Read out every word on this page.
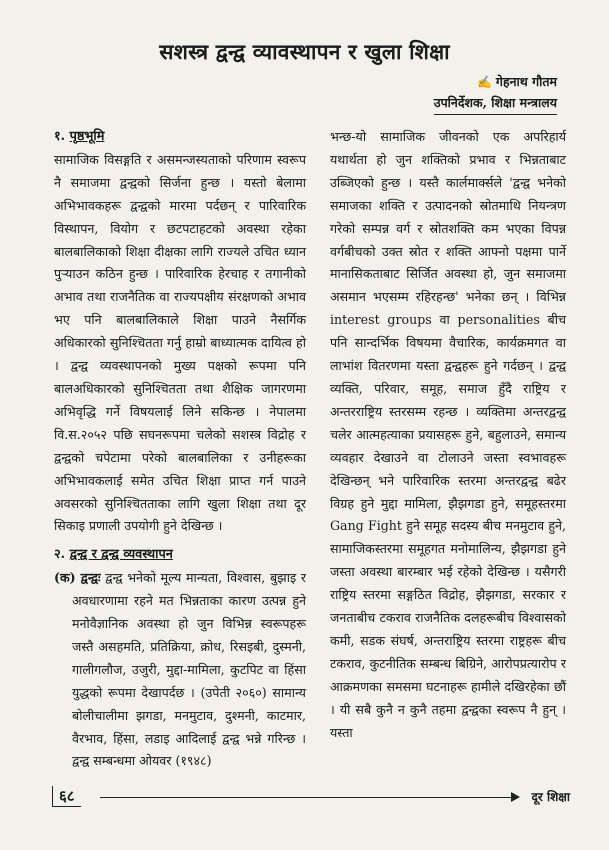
सशस्त्र द्वन्द्व व्यावस्थापन र खुला शिक्षा
✍ गेहनाथ गौतम
उपनिर्देशक, शिक्षा मन्त्रालय

१. पृष्ठभूमि

सामाजिक विसङ्गति र असमन्जस्यताको परिणाम स्वरूप नै समाजमा द्वन्द्वको सिर्जना हुन्छ । यस्तो बेलामा अभिभावकहरू द्वन्द्वको मारमा पर्दछन् र पारिवारिक विस्थापन, वियोग र छटपटाहटको अवस्था रहेका बालबालिकाको शिक्षा दीक्षका लागि राज्यले उचित ध्यान पुऱ्याउन कठिन हुन्छ । पारिवारिक हेरचाह र तगानीको अभाव तथा राजनैतिक वा राज्यपक्षीय संरक्षणको अभाव भए पनि बालबालिकाले शिक्षा पाउने नैसर्गिक अधिकारको सुनिश्चितता गर्नु हाम्रो बाध्यात्मक दायित्व हो । द्वन्द्व व्यवस्थापनको मुख्य पक्षको रूपमा पनि बालअधिकारको सुनिश्चितता तथा शैक्षिक जागरणमा अभिवृद्धि गर्ने विषयलाई लिने सकिन्छ । नेपालमा वि.स.२०५२ पछि सघनरूपमा चलेको सशस्त्र विद्रोह र द्वन्द्वको चपेटामा परेको बालबालिका र उनीहरूका अभिभावकलाई समेत उचित शिक्षा प्राप्त गर्न पाउने अवसरको सुनिश्चितताका लागि खुला शिक्षा तथा दूर सिकाइ प्रणाली उपयोगी हुने देखिन्छ ।

२. द्वन्द्व र द्वन्द्व व्यवस्थापन

(क) द्वन्द्वः द्वन्द्व भनेको मूल्य मान्यता, विश्वास, बुझाइ र अवधारणामा रहने मत भिन्नताका कारण उत्पन्न हुने मनोवैज्ञानिक अवस्था हो जुन विभिन्न स्वरूपहरू जस्तै असहमति, प्रतिक्रिया, क्रोध, रिसइबी, दुस्मनी, गालीगलौज, उजुरी, मुद्दा-मामिला, कुटपिट वा हिंसा युद्धको रूपमा देखापर्दछ । (उपेती २०६०) सामान्य बोलीचालीमा झगडा, मनमुटाव, दुश्मनी, काटमार, वैरभाव, हिंसा, लडाइ आदिलाई द्वन्द्व भन्ने गरिन्छ । द्वन्द्व सम्बन्धमा ओयवर (१९४८)

भन्छ-यो सामाजिक जीवनको एक अपरिहार्य यथार्थता हो जुन शक्तिको प्रभाव र भिन्नताबाट उब्जिएको हुन्छ । यस्तै कार्लमार्क्सले 'द्वन्द्व भनेको समाजका शक्ति र उत्पादनको स्रोतमाथि नियन्त्रण गरेको सम्पन्न वर्ग र स्रोतशक्ति कम भएका विपन्न वर्गबीचको उक्त स्रोत र शक्ति आफ्नो पक्षमा पार्ने मानासिकताबाट सिर्जित अवस्था हो, जुन समाजमा असमान भएसम्म रहिरहन्छ' भनेका छन् । विभिन्न interest groups वा personalities बीच पनि सान्दर्भिक विषयमा वैचारिक, कार्यक्रमगत वा लाभांश वितरणमा यस्ता द्वन्द्वहरू हुने गर्दछन् । द्वन्द्व व्यक्ति, परिवार, समूह, समाज हुँदै राष्ट्रिय र अन्तरराष्ट्रिय स्तरसम्म रहन्छ । व्यक्तिमा अन्तरद्वन्द्व चलेर आत्महत्याका प्रयासहरू हुने, बहुलाउने, समान्य व्यवहार देखाउने वा टोलाउने जस्ता स्वभावहरू देखिन्छन् भने पारिवारिक स्तरमा अन्तरद्वन्द्व बढेर विग्रह हुने मुद्दा मामिला, झैझगडा हुने, समूहस्तरमा Gang Fight हुने समूह सदस्य बीच मनमुटाव हुने, सामाजिकस्तरमा समूहगत मनोमालिन्य, झैझगडा हुने जस्ता अवस्था बारम्बार भई रहेको देखिन्छ । यसैगरी राष्ट्रिय स्तरमा सङ्गठित विद्रोह, झैझगडा, सरकार र जनताबीच टकराव राजनैतिक दलहरूबीच विश्वासको कमी, सडक संघर्ष, अन्तराष्ट्रिय स्तरमा राष्ट्रहरू बीच टकराव, कुटनीतिक सम्बन्ध बिग्रिने, आरोपप्रत्यारोप र आक्रमणका समसमा घटनाहरू हामीले दखिरहेका छौं । यी सबै कुनै न कुनै तहमा द्वन्द्वका स्वरूप नै हुन् । यस्ता

६८	दूर शिक्षा
